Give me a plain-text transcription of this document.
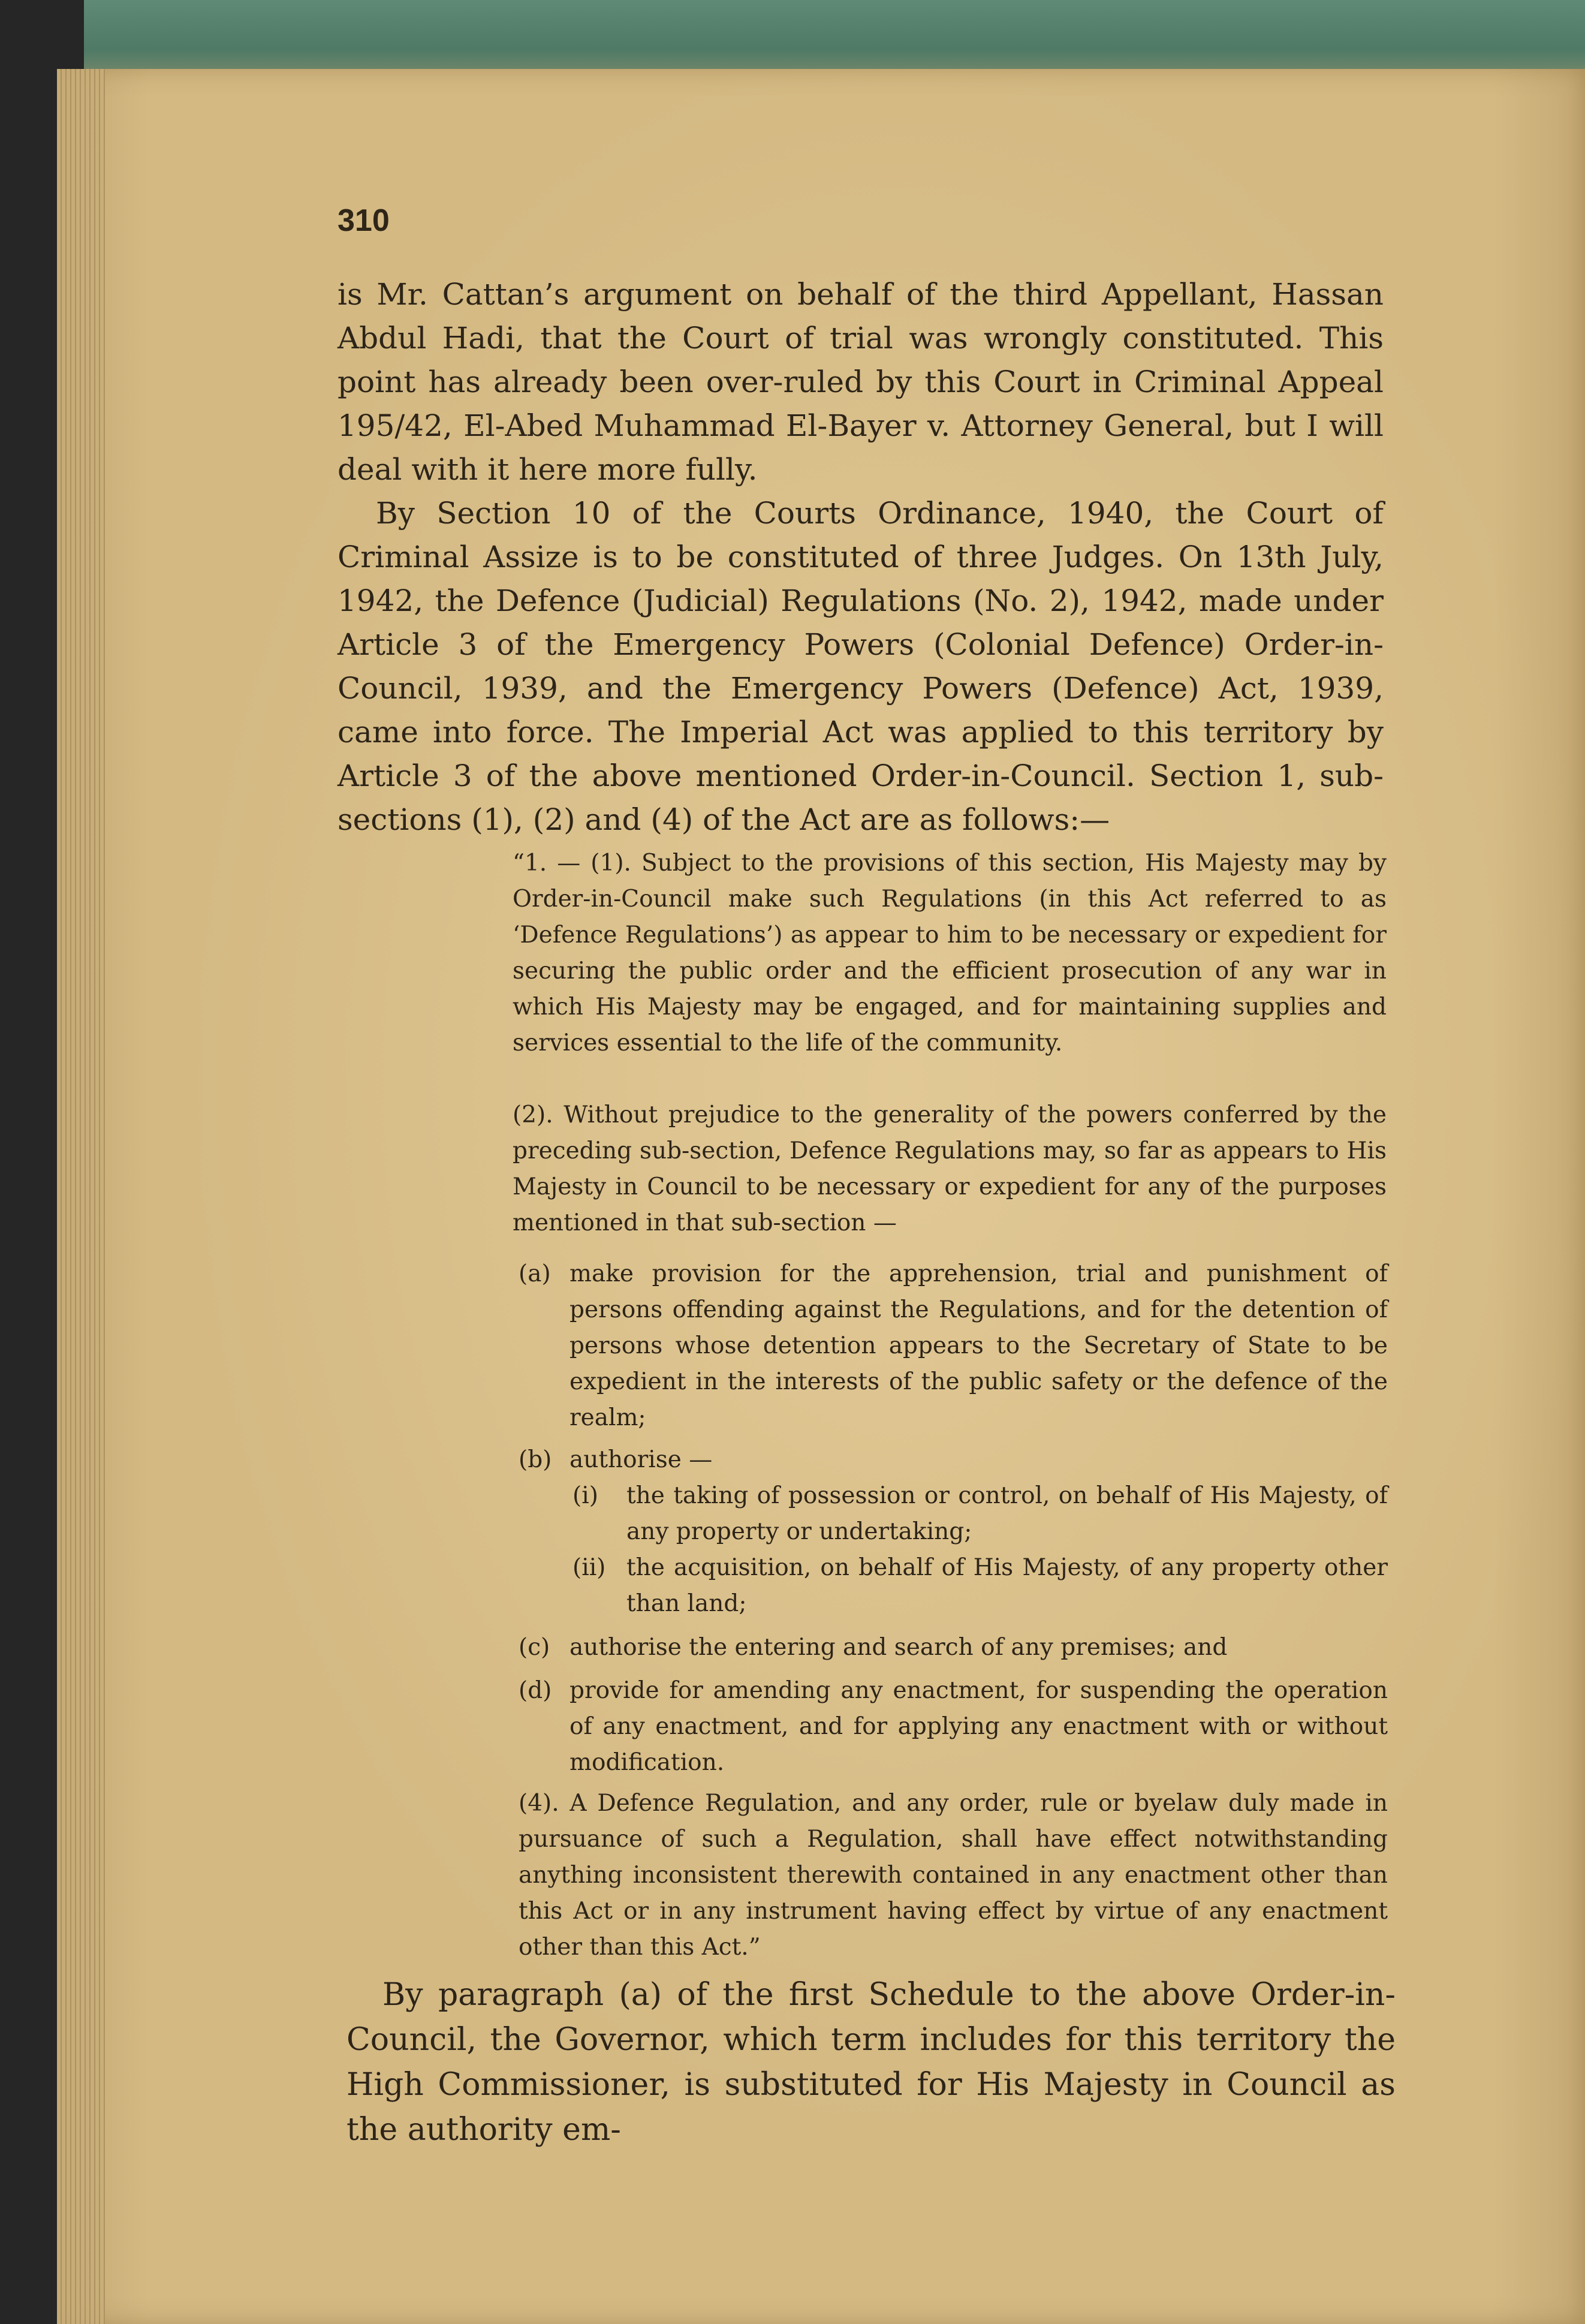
310

is Mr. Cattan’s argument on behalf of the third Appellant, Hassan Abdul Hadi, that the Court of trial was wrongly constituted. This point has already been over-ruled by this Court in Criminal Appeal 195/42, El-Abed Muhammad El-Bayer v. Attorney General, but I will deal with it here more fully.

By Section 10 of the Courts Ordinance, 1940, the Court of Criminal Assize is to be constituted of three Judges. On 13th July, 1942, the Defence (Judicial) Regulations (No. 2), 1942, made under Article 3 of the Emergency Powers (Colonial Defence) Order-in-Council, 1939, and the Emergency Powers (Defence) Act, 1939, came into force. The Imperial Act was applied to this territory by Article 3 of the above mentioned Order-in-Council. Section 1, sub-sections (1), (2) and (4) of the Act are as follows:—

“1. — (1). Subject to the provisions of this section, His Majesty may by Order-in-Council make such Regulations (in this Act referred to as ‘Defence Regulations’) as appear to him to be necessary or expedient for securing the public order and the efficient prosecution of any war in which His Majesty may be engaged, and for maintaining supplies and services essential to the life of the community.

(2). Without prejudice to the generality of the powers conferred by the preceding sub-section, Defence Regulations may, so far as appears to His Majesty in Council to be necessary or expedient for any of the purposes mentioned in that sub-section —

(a) make provision for the apprehension, trial and punishment of persons offending against the Regulations, and for the detention of persons whose detention appears to the Secretary of State to be expedient in the interests of the public safety or the defence of the realm;

(b) authorise —

(i) the taking of possession or control, on behalf of His Majesty, of any property or undertaking;

(ii) the acquisition, on behalf of His Majesty, of any property other than land;

(c) authorise the entering and search of any premises; and

(d) provide for amending any enactment, for suspending the operation of any enactment, and for applying any enactment with or without modification.

(4). A Defence Regulation, and any order, rule or byelaw duly made in pursuance of such a Regulation, shall have effect notwithstanding anything inconsistent therewith contained in any enactment other than this Act or in any instrument having effect by virtue of any enactment other than this Act.”

By paragraph (a) of the first Schedule to the above Order-in-Council, the Governor, which term includes for this territory the High Commissioner, is substituted for His Majesty in Council as the authority em-
